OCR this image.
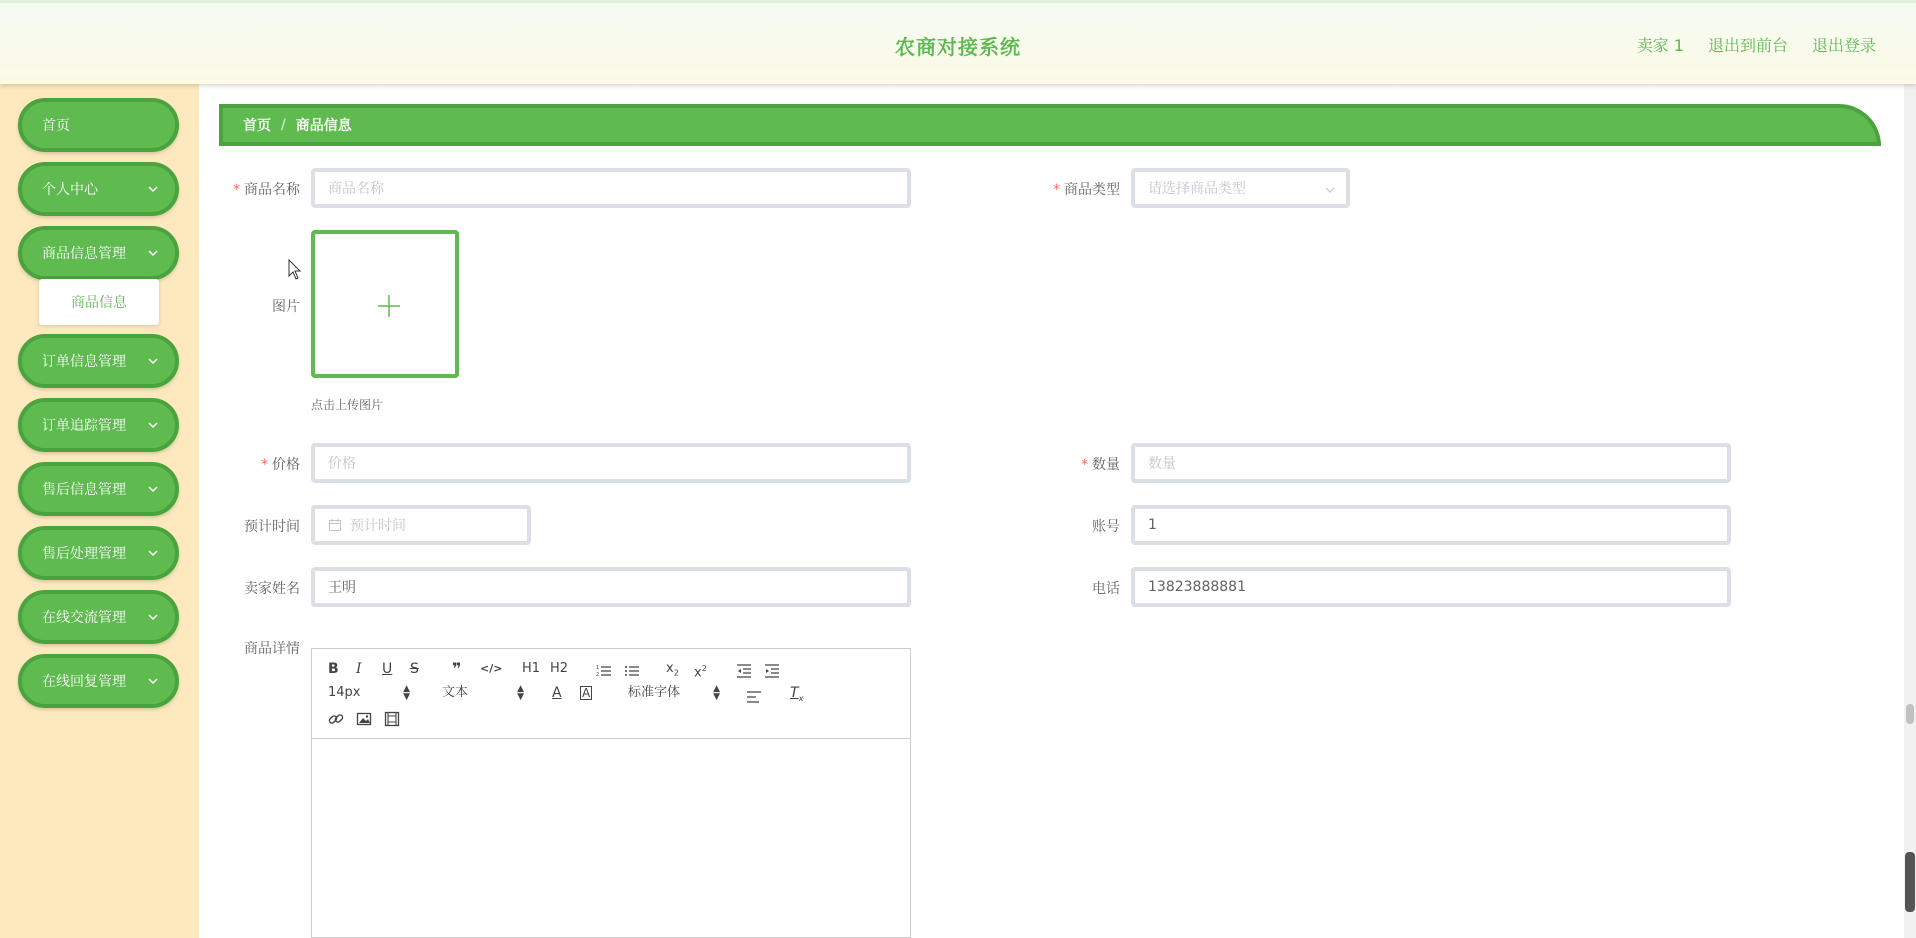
农商对接系统	卖家 1 退出到前台 退出登录
首页
个人中心
商品信息管理
商品信息
订单信息管理
订单追踪管理
售后信息管理
售后处理管理
在线交流管理
在线回复管理
首页 / 商品信息
* 商品名称	商品名称	* 商品类型 请选择商品类型
图片
点击上传图片
* 价格	价格	* 数量	数量
预计时间	预计时间	账号	1
卖家姓名	王明	电话	13823888881
商品详情
B I U S ❞ </> H1 H2	1
2	$x_2$ $x^2$
14px	▲
▼ 文本	▲
▼ A A	标准字体	▲
▼	$T_x$
